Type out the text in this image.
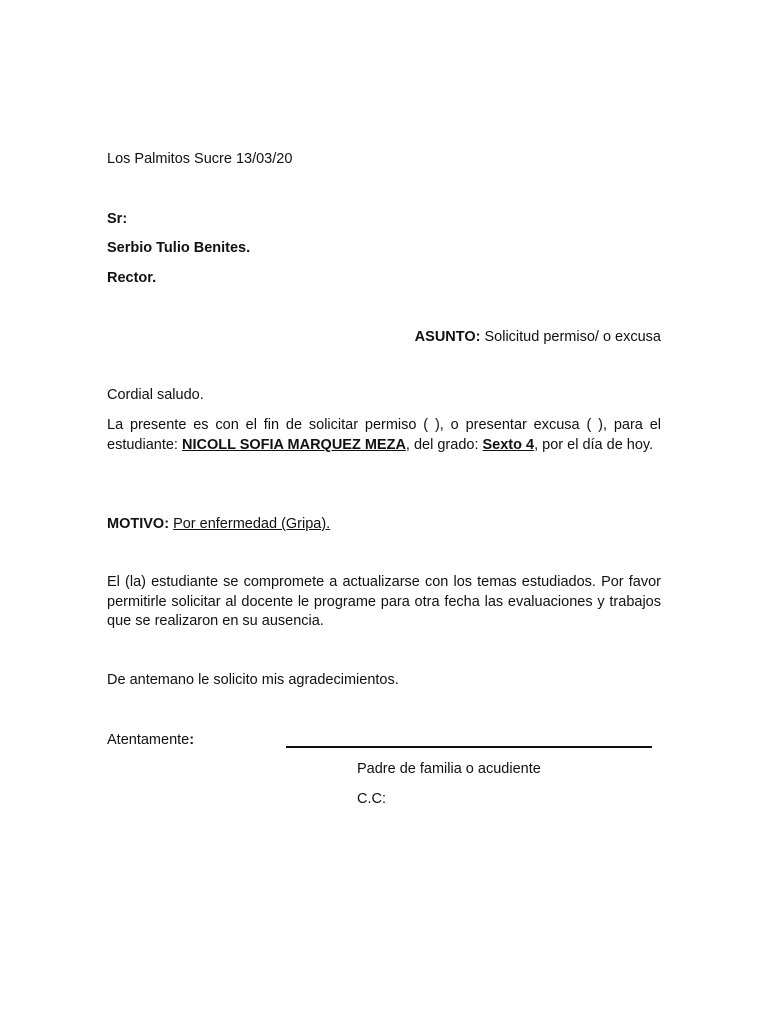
Los Palmitos Sucre 13/03/20
Sr:
Serbio Tulio Benites.
Rector.
ASUNTO: Solicitud permiso/ o excusa
Cordial saludo.
La presente es con el fin de solicitar permiso ( ), o presentar excusa ( ), para el estudiante: NICOLL SOFIA MARQUEZ MEZA, del grado: Sexto 4, por el día de hoy.
MOTIVO: Por enfermedad (Gripa).
El (la) estudiante se compromete a actualizarse con los temas estudiados. Por favor permitirle solicitar al docente le programe para otra fecha las evaluaciones y trabajos que se realizaron en su ausencia.
De antemano le solicito mis agradecimientos.
Atentamente:
Padre de familia o acudiente
C.C:
